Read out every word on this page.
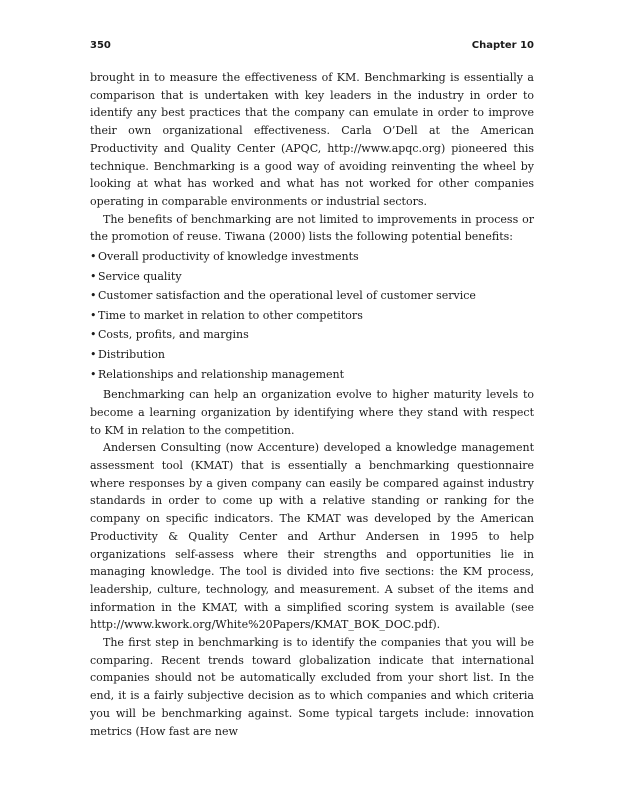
350	Chapter 10

brought in to measure the effectiveness of KM. Benchmarking is essentially a comparison that is undertaken with key leaders in the industry in order to identify any best practices that the company can emulate in order to improve their own organizational effectiveness. Carla O’Dell at the American Productivity and Quality Center (APQC, http://www.apqc.org) pioneered this technique. Benchmarking is a good way of avoiding reinventing the wheel by looking at what has worked and what has not worked for other companies operating in comparable environments or industrial sectors.

The benefits of benchmarking are not limited to improvements in process or the promotion of reuse. Tiwana (2000) lists the following potential benefits:

• Overall productivity of knowledge investments
• Service quality
• Customer satisfaction and the operational level of customer service
• Time to market in relation to other competitors
• Costs, profits, and margins
• Distribution
• Relationships and relationship management

Benchmarking can help an organization evolve to higher maturity levels to become a learning organization by identifying where they stand with respect to KM in relation to the competition.

Andersen Consulting (now Accenture) developed a knowledge management assessment tool (KMAT) that is essentially a benchmarking questionnaire where responses by a given company can easily be compared against industry standards in order to come up with a relative standing or ranking for the company on specific indicators. The KMAT was developed by the American Productivity & Quality Center and Arthur Andersen in 1995 to help organizations self-assess where their strengths and opportunities lie in managing knowledge. The tool is divided into five sections: the KM process, leadership, culture, technology, and measurement. A subset of the items and information in the KMAT, with a simplified scoring system is available (see http://www.kwork.org/White%20Papers/KMAT_BOK_DOC.pdf).

The first step in benchmarking is to identify the companies that you will be comparing. Recent trends toward globalization indicate that international companies should not be automatically excluded from your short list. In the end, it is a fairly subjective decision as to which companies and which criteria you will be benchmarking against. Some typical targets include: innovation metrics (How fast are new
